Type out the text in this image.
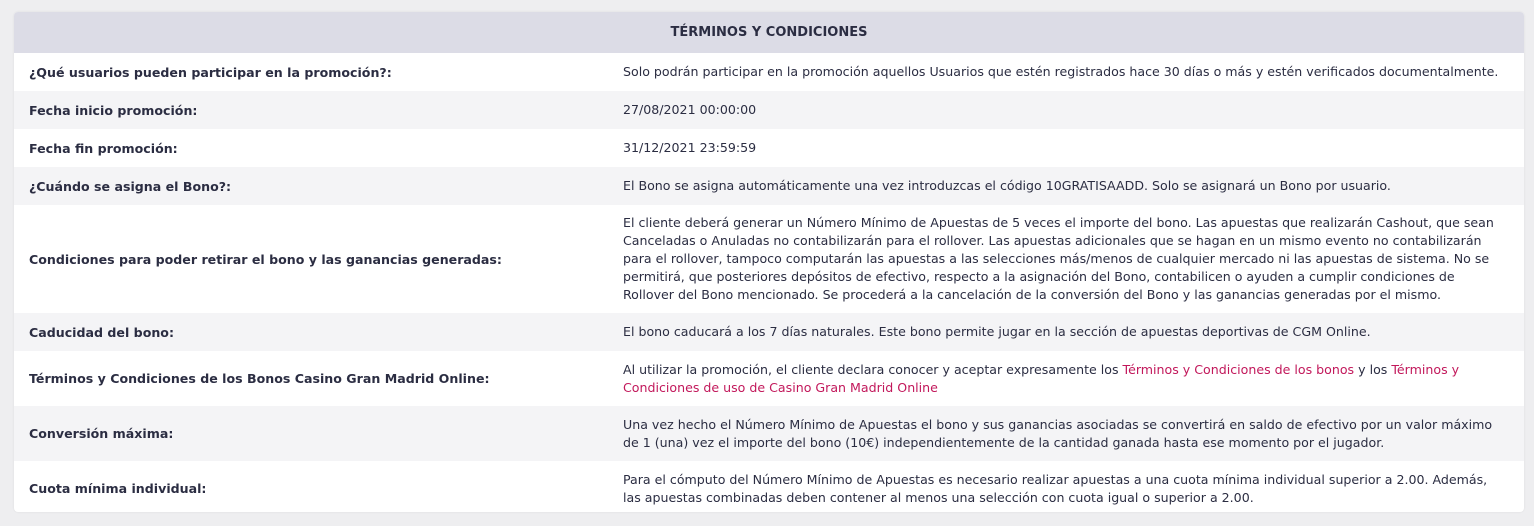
TÉRMINOS Y CONDICIONES
¿Qué usuarios pueden participar en la promoción?:	Solo podrán participar en la promoción aquellos Usuarios que estén registrados hace 30 días o más y estén verificados documentalmente.
Fecha inicio promoción:	27/08/2021 00:00:00
Fecha fin promoción:	31/12/2021 23:59:59
¿Cuándo se asigna el Bono?:	El Bono se asigna automáticamente una vez introduzcas el código 10GRATISAADD. Solo se asignará un Bono por usuario.
Condiciones para poder retirar el bono y las ganancias generadas:
El cliente deberá generar un Número Mínimo de Apuestas de 5 veces el importe del bono. Las apuestas que realizarán Cashout, que sean Canceladas o Anuladas no contabilizarán para el rollover. Las apuestas adicionales que se hagan en un mismo evento no contabilizarán para el rollover, tampoco computarán las apuestas a las selecciones más/menos de cualquier mercado ni las apuestas de sistema. No se permitirá, que posteriores depósitos de efectivo, respecto a la asignación del Bono, contabilicen o ayuden a cumplir condiciones de Rollover del Bono mencionado. Se procederá a la cancelación de la conversión del Bono y las ganancias generadas por el mismo.
Caducidad del bono:	El bono caducará a los 7 días naturales. Este bono permite jugar en la sección de apuestas deportivas de CGM Online.
Términos y Condiciones de los Bonos Casino Gran Madrid Online:
Al utilizar la promoción, el cliente declara conocer y aceptar expresamente los Términos y Condiciones de los bonos y los Términos y Condiciones de uso de Casino Gran Madrid Online
Conversión máxima:
Una vez hecho el Número Mínimo de Apuestas el bono y sus ganancias asociadas se convertirá en saldo de efectivo por un valor máximo de 1 (una) vez el importe del bono (10€) independientemente de la cantidad ganada hasta ese momento por el jugador.
Cuota mínima individual:
Para el cómputo del Número Mínimo de Apuestas es necesario realizar apuestas a una cuota mínima individual superior a 2.00. Además, las apuestas combinadas deben contener al menos una selección con cuota igual o superior a 2.00.
